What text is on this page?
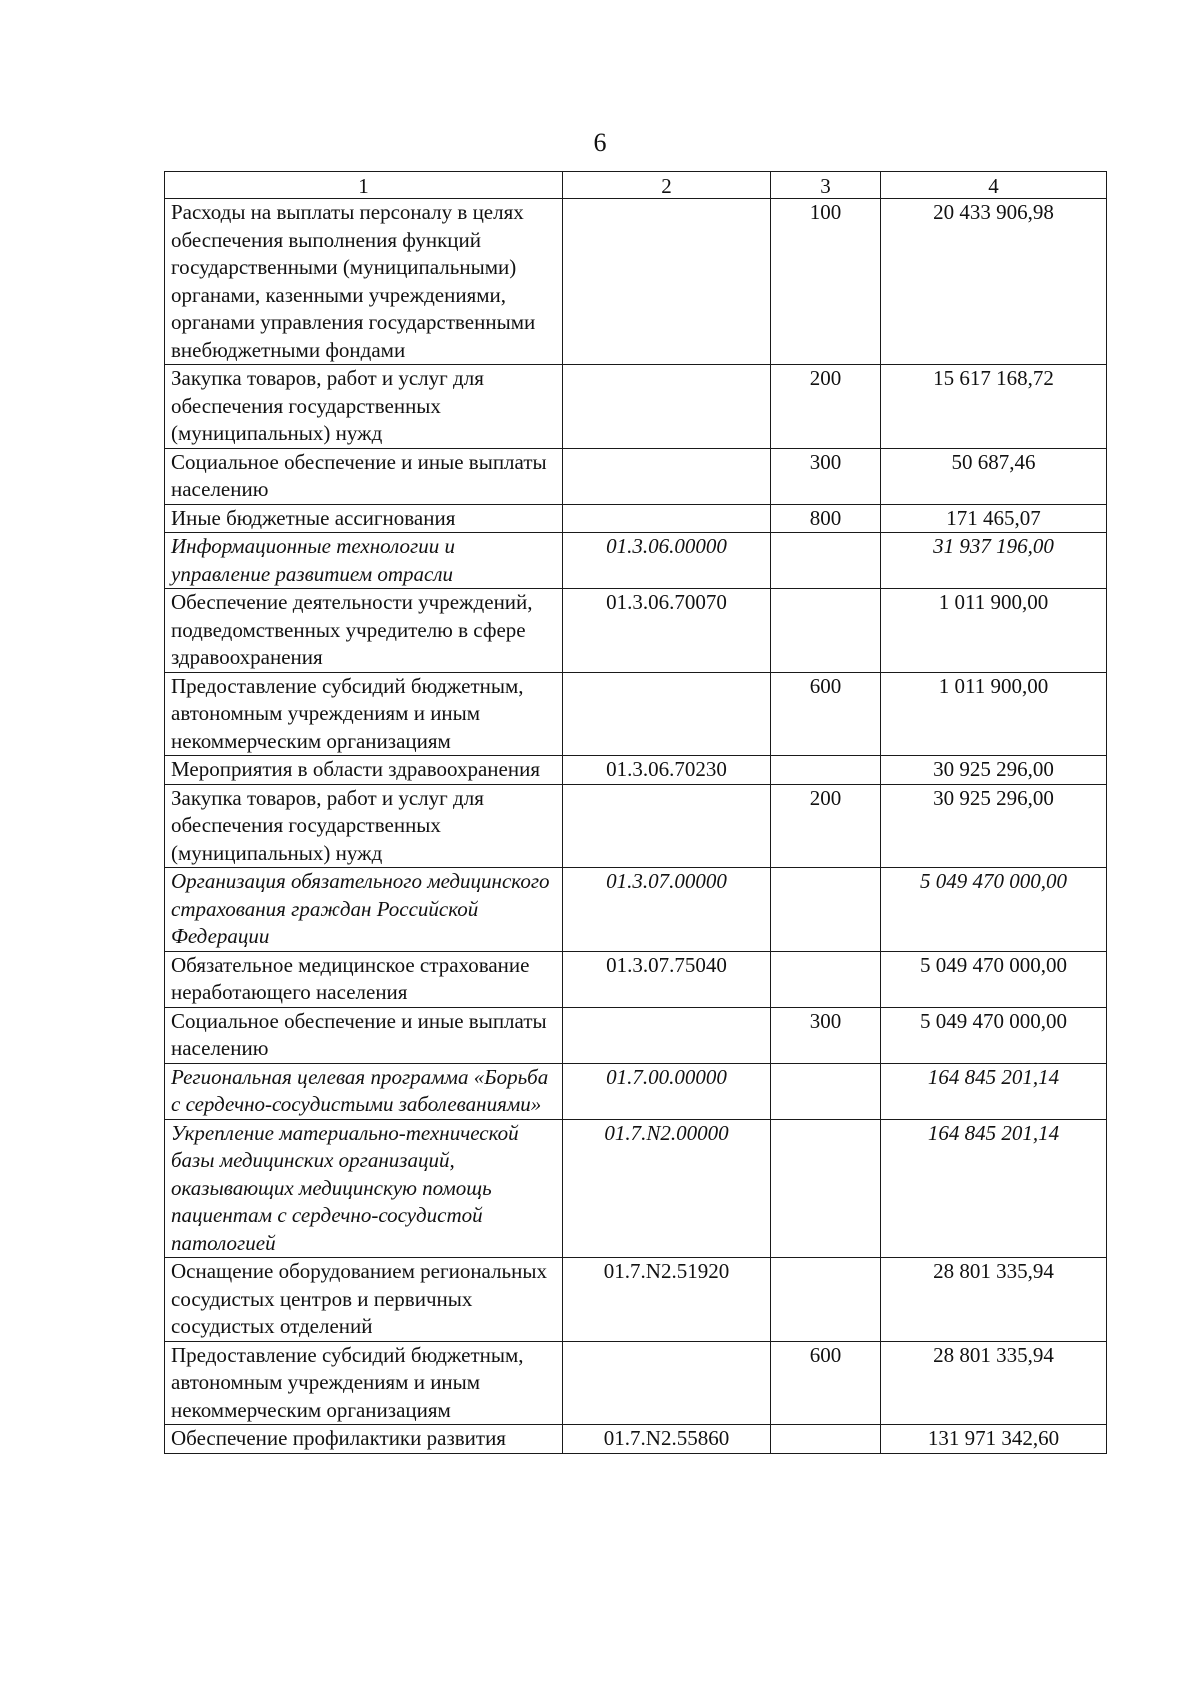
6
1	2	3	4
Расходы на выплаты персоналу в целях обеспечения выполнения функций государственными (муниципальными) органами, казенными учреждениями, органами управления государственными внебюджетными фондами		100	20 433 906,98
Закупка товаров, работ и услуг для обеспечения государственных (муниципальных) нужд		200	15 617 168,72
Социальное обеспечение и иные выплаты населению		300	50 687,46
Иные бюджетные ассигнования		800	171 465,07
Информационные технологии и управление развитием отрасли	01.3.06.00000		31 937 196,00
Обеспечение деятельности учреждений, подведомственных учредителю в сфере здравоохранения	01.3.06.70070		1 011 900,00
Предоставление субсидий бюджетным, автономным учреждениям и иным некоммерческим организациям		600	1 011 900,00
Мероприятия в области здравоохранения	01.3.06.70230		30 925 296,00
Закупка товаров, работ и услуг для обеспечения государственных (муниципальных) нужд		200	30 925 296,00
Организация обязательного медицинского страхования граждан Российской Федерации	01.3.07.00000		5 049 470 000,00
Обязательное медицинское страхование неработающего населения	01.3.07.75040		5 049 470 000,00
Социальное обеспечение и иные выплаты населению		300	5 049 470 000,00
Региональная целевая программа «Борьба с сердечно-сосудистыми заболеваниями»	01.7.00.00000		164 845 201,14
Укрепление материально-технической базы медицинских организаций, оказывающих медицинскую помощь пациентам с сердечно-сосудистой патологией	01.7.N2.00000		164 845 201,14
Оснащение оборудованием региональных сосудистых центров и первичных сосудистых отделений	01.7.N2.51920		28 801 335,94
Предоставление субсидий бюджетным, автономным учреждениям и иным некоммерческим организациям		600	28 801 335,94
Обеспечение профилактики развития	01.7.N2.55860		131 971 342,60
